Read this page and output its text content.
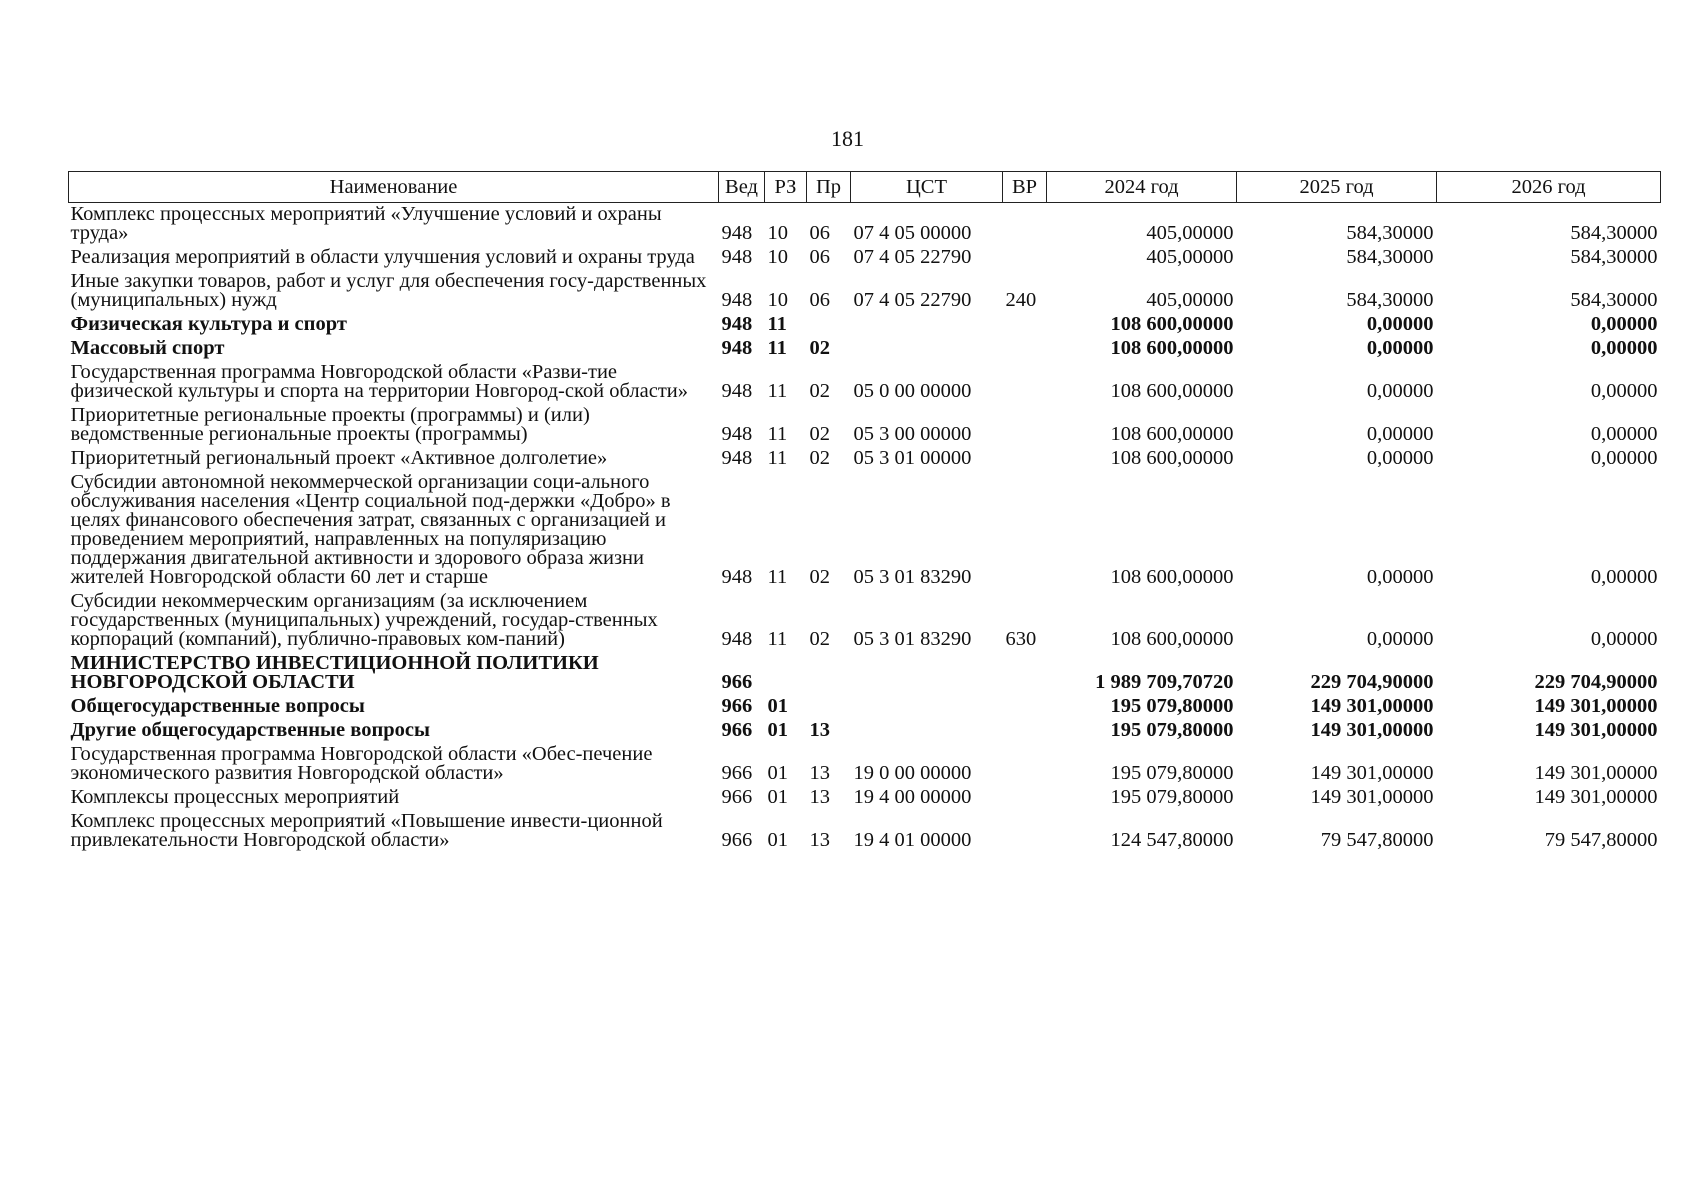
181
Наименование	Вед	РЗ	Пр	ЦСТ	ВР	2024 год	2025 год	2026 год
Комплекс процессных мероприятий «Улучшение условий и охраны труда»	948	10	06	07 4 05 00000		405,00000	584,30000	584,30000
Реализация мероприятий в области улучшения условий и охраны труда	948	10	06	07 4 05 22790		405,00000	584,30000	584,30000
Иные закупки товаров, работ и услуг для обеспечения госу-дарственных (муниципальных) нужд	948	10	06	07 4 05 22790	240	405,00000	584,30000	584,30000
Физическая культура и спорт	948	11				108 600,00000	0,00000	0,00000
Массовый спорт	948	11	02			108 600,00000	0,00000	0,00000
Государственная программа Новгородской области «Разви-тие физической культуры и спорта на территории Новгород-ской области»	948	11	02	05 0 00 00000		108 600,00000	0,00000	0,00000
Приоритетные региональные проекты (программы) и (или) ведомственные региональные проекты (программы)	948	11	02	05 3 00 00000		108 600,00000	0,00000	0,00000
Приоритетный региональный проект «Активное долголетие»	948	11	02	05 3 01 00000		108 600,00000	0,00000	0,00000
Субсидии автономной некоммерческой организации соци-ального обслуживания населения «Центр социальной под-держки «Добро» в целях финансового обеспечения затрат, связанных с организацией и проведением мероприятий, направленных на популяризацию поддержания двигательной активности и здорового образа жизни жителей Новгородской области 60 лет и старше	948	11	02	05 3 01 83290		108 600,00000	0,00000	0,00000
Субсидии некоммерческим организациям (за исключением государственных (муниципальных) учреждений, государ-ственных корпораций (компаний), публично-правовых ком-паний)	948	11	02	05 3 01 83290	630	108 600,00000	0,00000	0,00000
МИНИСТЕРСТВО ИНВЕСТИЦИОННОЙ ПОЛИТИКИ НОВГОРОДСКОЙ ОБЛАСТИ	966					1 989 709,70720	229 704,90000	229 704,90000
Общегосударственные вопросы	966	01				195 079,80000	149 301,00000	149 301,00000
Другие общегосударственные вопросы	966	01	13			195 079,80000	149 301,00000	149 301,00000
Государственная программа Новгородской области «Обес-печение экономического развития Новгородской области»	966	01	13	19 0 00 00000		195 079,80000	149 301,00000	149 301,00000
Комплексы процессных мероприятий	966	01	13	19 4 00 00000		195 079,80000	149 301,00000	149 301,00000
Комплекс процессных мероприятий «Повышение инвести-ционной привлекательности Новгородской области»	966	01	13	19 4 01 00000		124 547,80000	79 547,80000	79 547,80000
